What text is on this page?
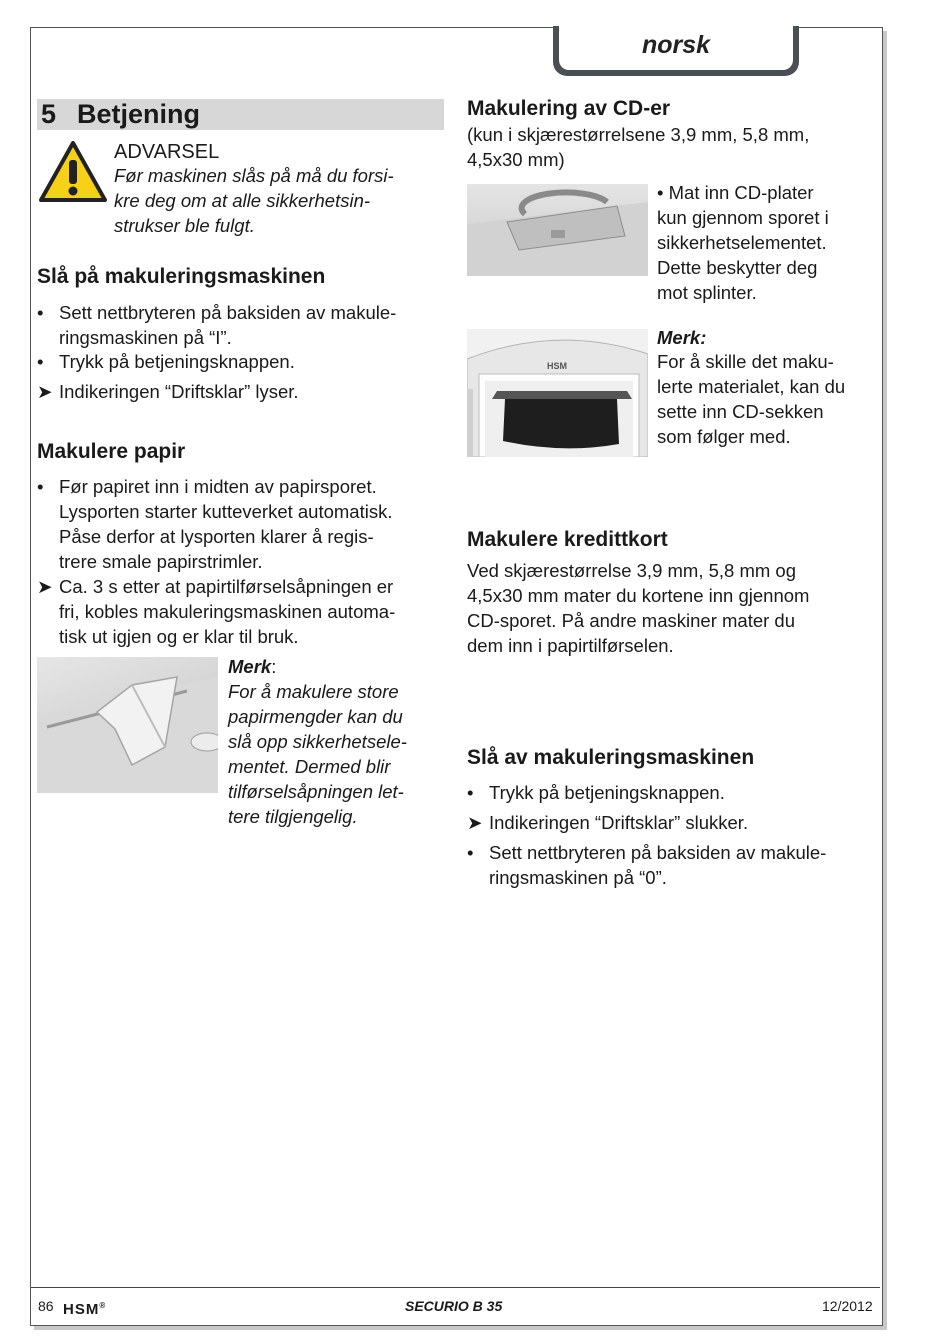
norsk
5 Betjening
ADVARSEL
Før maskinen slås på må du forsi-
kre deg om at alle sikkerhetsin-
strukser ble fulgt.
Slå på makuleringsmaskinen
• Sett nettbryteren på baksiden av makule-
ringsmaskinen på “I”.
• Trykk på betjeningsknappen.
➤ Indikeringen “Driftsklar” lyser.
Makulere papir
• Før papiret inn i midten av papirsporet.
Lysporten starter kutteverket automatisk.
Påse derfor at lysporten klarer å regis-
trere smale papirstrimler.
➤ Ca. 3 s etter at papirtilførselsåpningen er
fri, kobles makuleringsmaskinen automa-
tisk ut igjen og er klar til bruk.
Merk:
For å makulere store
papirmengder kan du
slå opp sikkerhetsele-
mentet. Dermed blir
tilførselsåpningen let-
tere tilgjengelig.
Makulering av CD-er
(kun i skjærestørrelsene 3,9 mm, 5,8 mm,
4,5x30 mm)
• Mat inn CD-plater
kun gjennom sporet i
sikkerhetselementet.
Dette beskytter deg
mot splinter.
HSM
Merk:
For å skille det maku-
lerte materialet, kan du
sette inn CD-sekken
som følger med.
Makulere kredittkort
Ved skjærestørrelse 3,9 mm, 5,8 mm og
4,5x30 mm mater du kortene inn gjennom
CD-sporet. På andre maskiner mater du
dem inn i papirtilførselen.
Slå av makuleringsmaskinen
• Trykk på betjeningsknappen.
➤ Indikeringen “Driftsklar” slukker.
• Sett nettbryteren på baksiden av makule-
ringsmaskinen på “0”.
86 HSM®	SECURIO B 35	12/2012
